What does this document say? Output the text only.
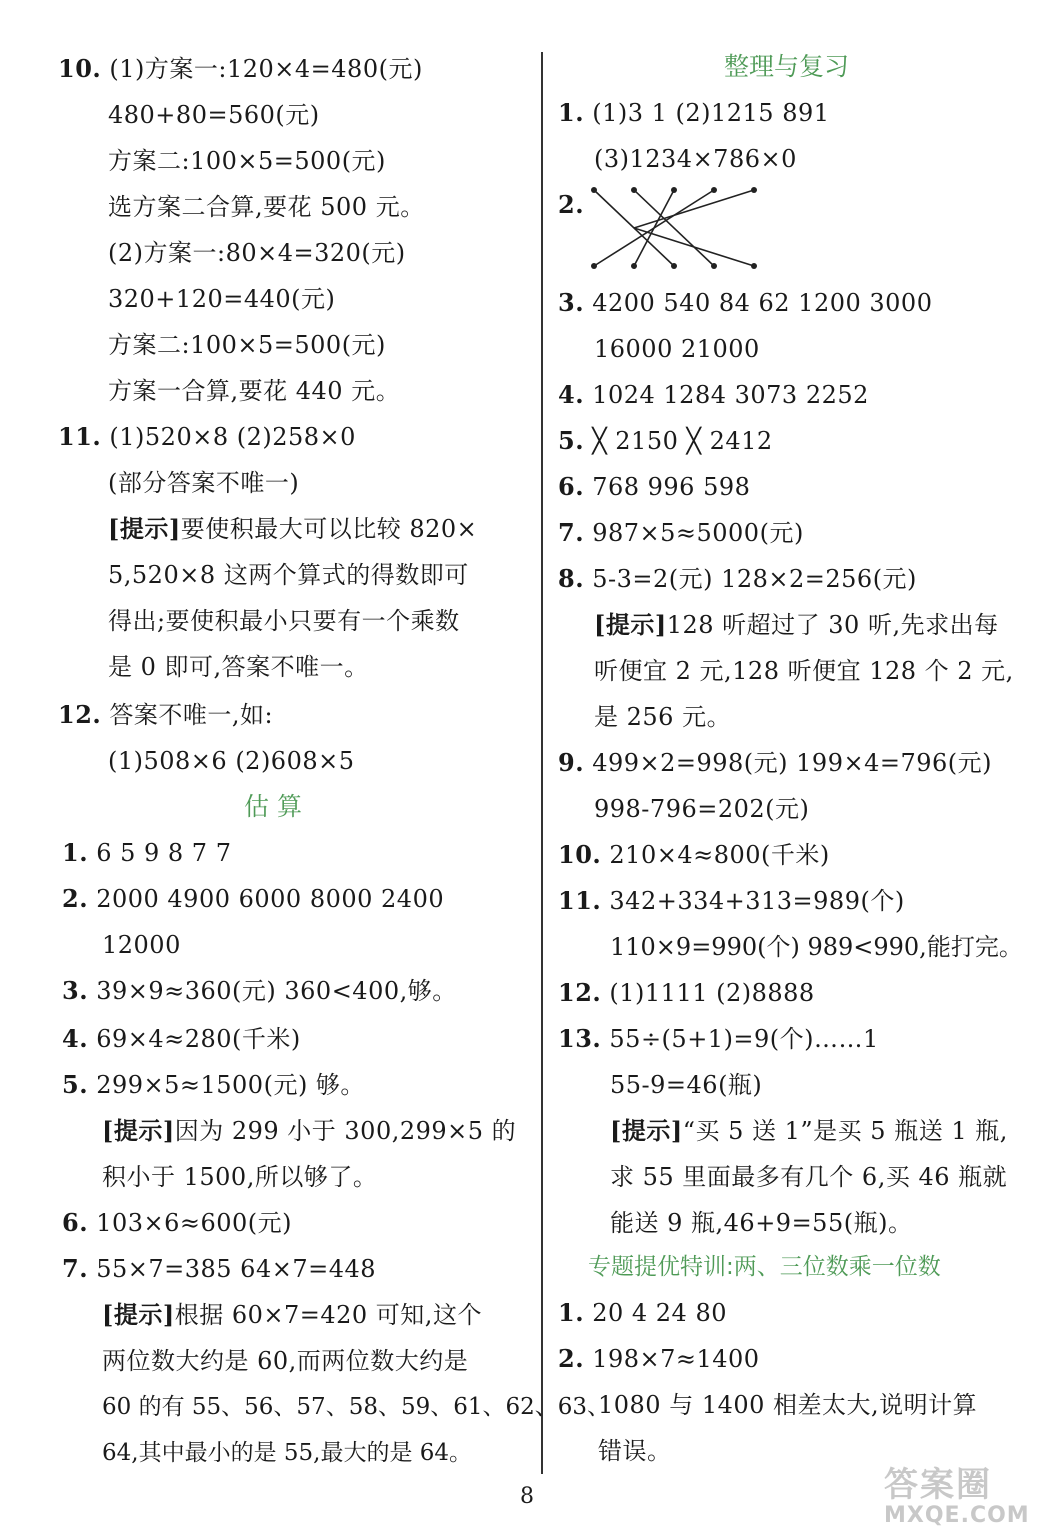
10. (1)方案一:120×4=480(元)
480+80=560(元)
方案二:100×5=500(元)
选方案二合算,要花 500 元。
(2)方案一:80×4=320(元)
320+120=440(元)
方案二:100×5=500(元)
方案一合算,要花 440 元。
11. (1)520×8 (2)258×0
(部分答案不唯一)
[提示]要使积最大可以比较 820×
5,520×8 这两个算式的得数即可
得出;要使积最小只要有一个乘数
是 0 即可,答案不唯一。
12. 答案不唯一,如:
(1)508×6 (2)608×5
估 算
1. 6 5 9 8 7 7
2. 2000 4900 6000 8000 2400
12000
3. 39×9≈360(元) 360<400,够。
4. 69×4≈280(千米)
5. 299×5≈1500(元) 够。
[提示]因为 299 小于 300,299×5 的
积小于 1500,所以够了。
6. 103×6≈600(元)
7. 55×7=385 64×7=448
[提示]根据 60×7=420 可知,这个
两位数大约是 60,而两位数大约是
60 的有 55、56、57、58、59、61、62、63、
64,其中最小的是 55,最大的是 64。
整理与复习
1. (1)3 1 (2)1215 891
(3)1234×786×0
2.
3. 4200 540 84 62 1200 3000
16000 21000
4. 1024 1284 3073 2252
5. ╳ 2150 ╳ 2412
6. 768 996 598
7. 987×5≈5000(元)
8. 5-3=2(元) 128×2=256(元)
[提示]128 听超过了 30 听,先求出每
听便宜 2 元,128 听便宜 128 个 2 元,
是 256 元。
9. 499×2=998(元) 199×4=796(元)
998-796=202(元)
10. 210×4≈800(千米)
11. 342+334+313=989(个)
110×9=990(个) 989<990,能打完。
12. (1)1111 (2)8888
13. 55÷(5+1)=9(个)……1
55-9=46(瓶)
[提示]“买 5 送 1”是买 5 瓶送 1 瓶,
求 55 里面最多有几个 6,买 46 瓶就
能送 9 瓶,46+9=55(瓶)。
专题提优特训:两、三位数乘一位数
1. 20 4 24 80
2. 198×7≈1400
1080 与 1400 相差太大,说明计算
错误。
8	答案圈
MXQE.COM
